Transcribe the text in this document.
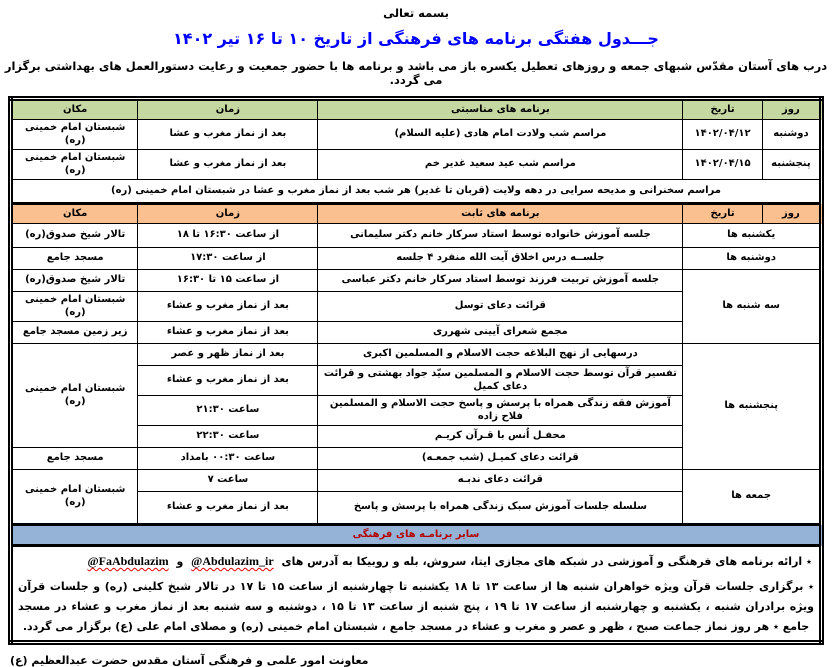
بسمه تعالی
جـــدول هفتگی برنامه های فرهنگی از تاریخ ۱۰ تا ۱۶ تیر ۱۴۰۲
درب های آستان مقدّس شبهای جمعه و روزهای تعطیل یکسره باز می باشد و برنامه ها با حضور جمعیت و رعایت دستورالعمل های بهداشتی برگزار می گردد.
روز	تاریخ	برنامه های مناسبتی	زمان	مکان
دوشنبه	۱۴۰۲/۰۴/۱۲	مراسم شب ولادت امام هادی (علیه السلام)	بعد از نماز مغرب و عشا	شبستان امام خمینی (ره)
پنجشنبه	۱۴۰۲/۰۴/۱۵	مراسم شب عید سعید غدیر خم	بعد از نماز مغرب و عشا	شبستان امام خمینی (ره)
مراسم سخنرانی و مدیحه سرایی در دهه ولایت (قربان تا غدیر) هر شب بعد از نماز مغرب و عشا در شبستان امام خمینی (ره)				
روز	تاریخ	برنامه های ثابت	زمان	مکان
یکشنبه ها		جلسه آموزش خانواده توسط استاد سرکار خانم دکتر سلیمانی	از ساعت ۱۶:۳۰ تا ۱۸	تالار شیخ صدوق(ره)
دوشنبه ها		جلســه درس اخلاق آیت الله منفرد ۴ جلسه	از ساعت ۱۷:۳۰	مسجد جامع
سه شنبه ها		جلسه آموزش تربیت فرزند توسط استاد سرکار خانم دکتر عباسی	از ساعت ۱۵ تا ۱۶:۳۰	تالار شیخ صدوق(ره)
		قرائت دعای توسل	بعد از نماز مغرب و عشاء	شبستان امام خمینی (ره)
		مجمع شعرای آیینی شهرری	بعد از نماز مغرب و عشاء	زیر زمین مسجد جامع
پنجشنبه ها		درسهایی از نهج البلاغه حجت الاسلام و المسلمین اکبری	بعد از نماز ظهر و عصر	شبستان امام خمینی (ره)
		تفسیر قرآن توسط حجت الاسلام و المسلمین سیّد جواد بهشتی و قرائت دعای کمیل	بعد از نماز مغرب و عشاء	
		آموزش فقه زندگی همراه با پرسش و پاسخ حجت الاسلام و المسلمین فلاح زاده	ساعت ۲۱:۳۰	
		محفـل اُنس با قـرآن کریـم	ساعت ۲۲:۳۰	
		قرائت دعای کمیـل (شب جمعـه)	ساعت ۰۰:۳۰ بامداد	مسجد جامع
جمعه ها		قرائت دعای ندبـه	ساعت ۷	شبستان امام خمینی (ره)
		سلسله جلسات آموزش سبک زندگی همراه با پرسش و پاسخ	بعد از نماز مغرب و عشاء	
سایر برنامـه های فرهنگی				

٭ ارائه برنامه های فرهنگی و آموزشی در شبکه های مجازی ایتا، سروش، بله و روبیکا به آدرس های @Abdulazim_ir و @FaAbdulazim
٭ برگزاری جلسات قرآن ویژه خواهران شنبه ها از ساعت ۱۳ تا ۱۸ یکشنبه تا چهارشنبه از ساعت ۱۵ تا ۱۷ در تالار شیخ کلینی (ره) و جلسات قرآن ویژه برادران شنبه ، یکشنبه و چهارشنبه از ساعت ۱۷ تا ۱۹ ، پنج شنبه از ساعت ۱۳ تا ۱۵ ، دوشنبه و سه شنبه بعد از نماز مغرب و عشاء در مسجد جامع ٭ هر روز نماز جماعت صبح ، ظهر و عصر و مغرب و عشاء در مسجد جامع ، شبستان امام خمینی (ره) و مصلای امام علی (ع) برگزار می گردد.				
معاونت امور علمی و فرهنگی آستان مقدس حضرت عبدالعظیم (ع)
